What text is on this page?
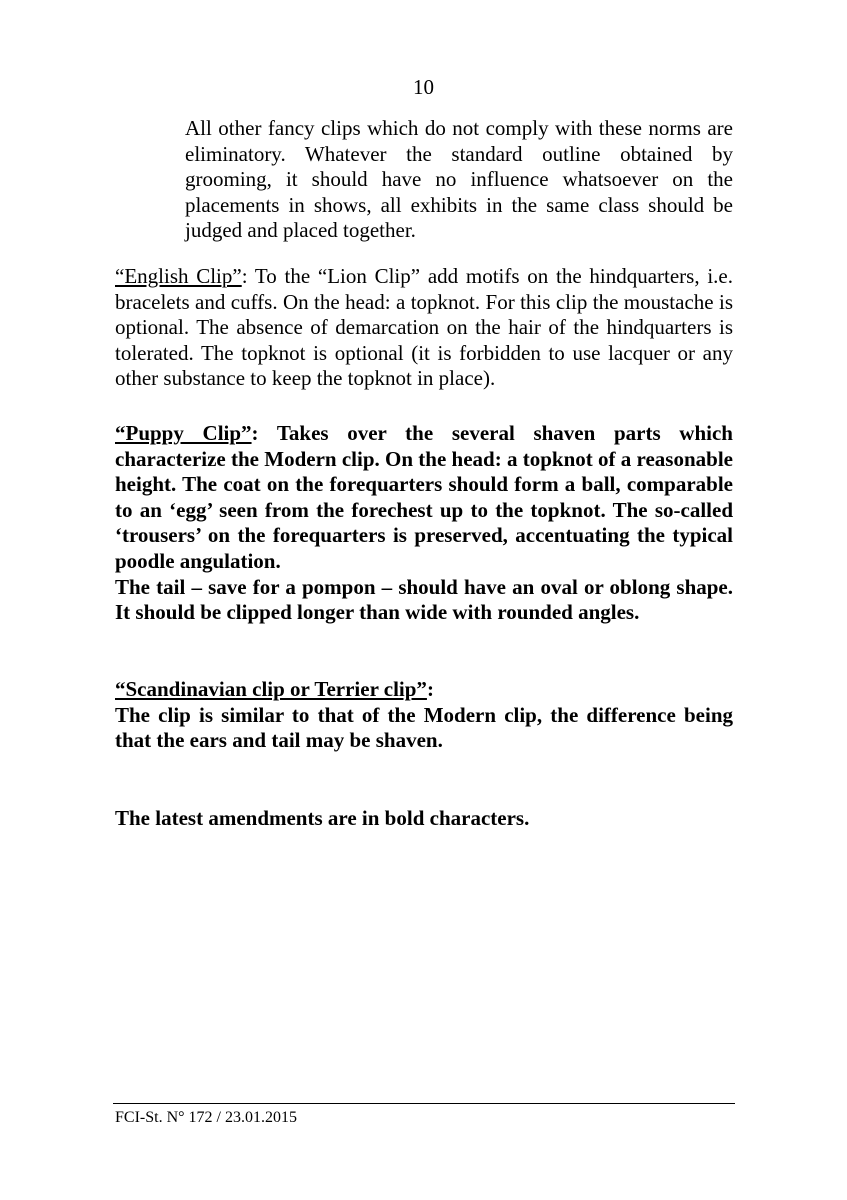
10

All other fancy clips which do not comply with these norms are eliminatory. Whatever the standard outline obtained by grooming, it should have no influence whatsoever on the placements in shows, all exhibits in the same class should be judged and placed together.

“English Clip”: To the “Lion Clip” add motifs on the hindquarters, i.e. bracelets and cuffs. On the head: a topknot. For this clip the moustache is optional. The absence of demarcation on the hair of the hindquarters is tolerated. The topknot is optional (it is forbidden to use lacquer or any other substance to keep the topknot in place).

“Puppy Clip”: Takes over the several shaven parts which characterize the Modern clip. On the head: a topknot of a reasonable height. The coat on the forequarters should form a ball, comparable to an ‘egg’ seen from the forechest up to the topknot. The so-called ‘trousers’ on the forequarters is preserved, accentuating the typical poodle angulation.
The tail – save for a pompon – should have an oval or oblong shape. It should be clipped longer than wide with rounded angles.

“Scandinavian clip or Terrier clip”:
The clip is similar to that of the Modern clip, the difference being that the ears and tail may be shaven.

The latest amendments are in bold characters.

FCI-St. N° 172 / 23.01.2015
